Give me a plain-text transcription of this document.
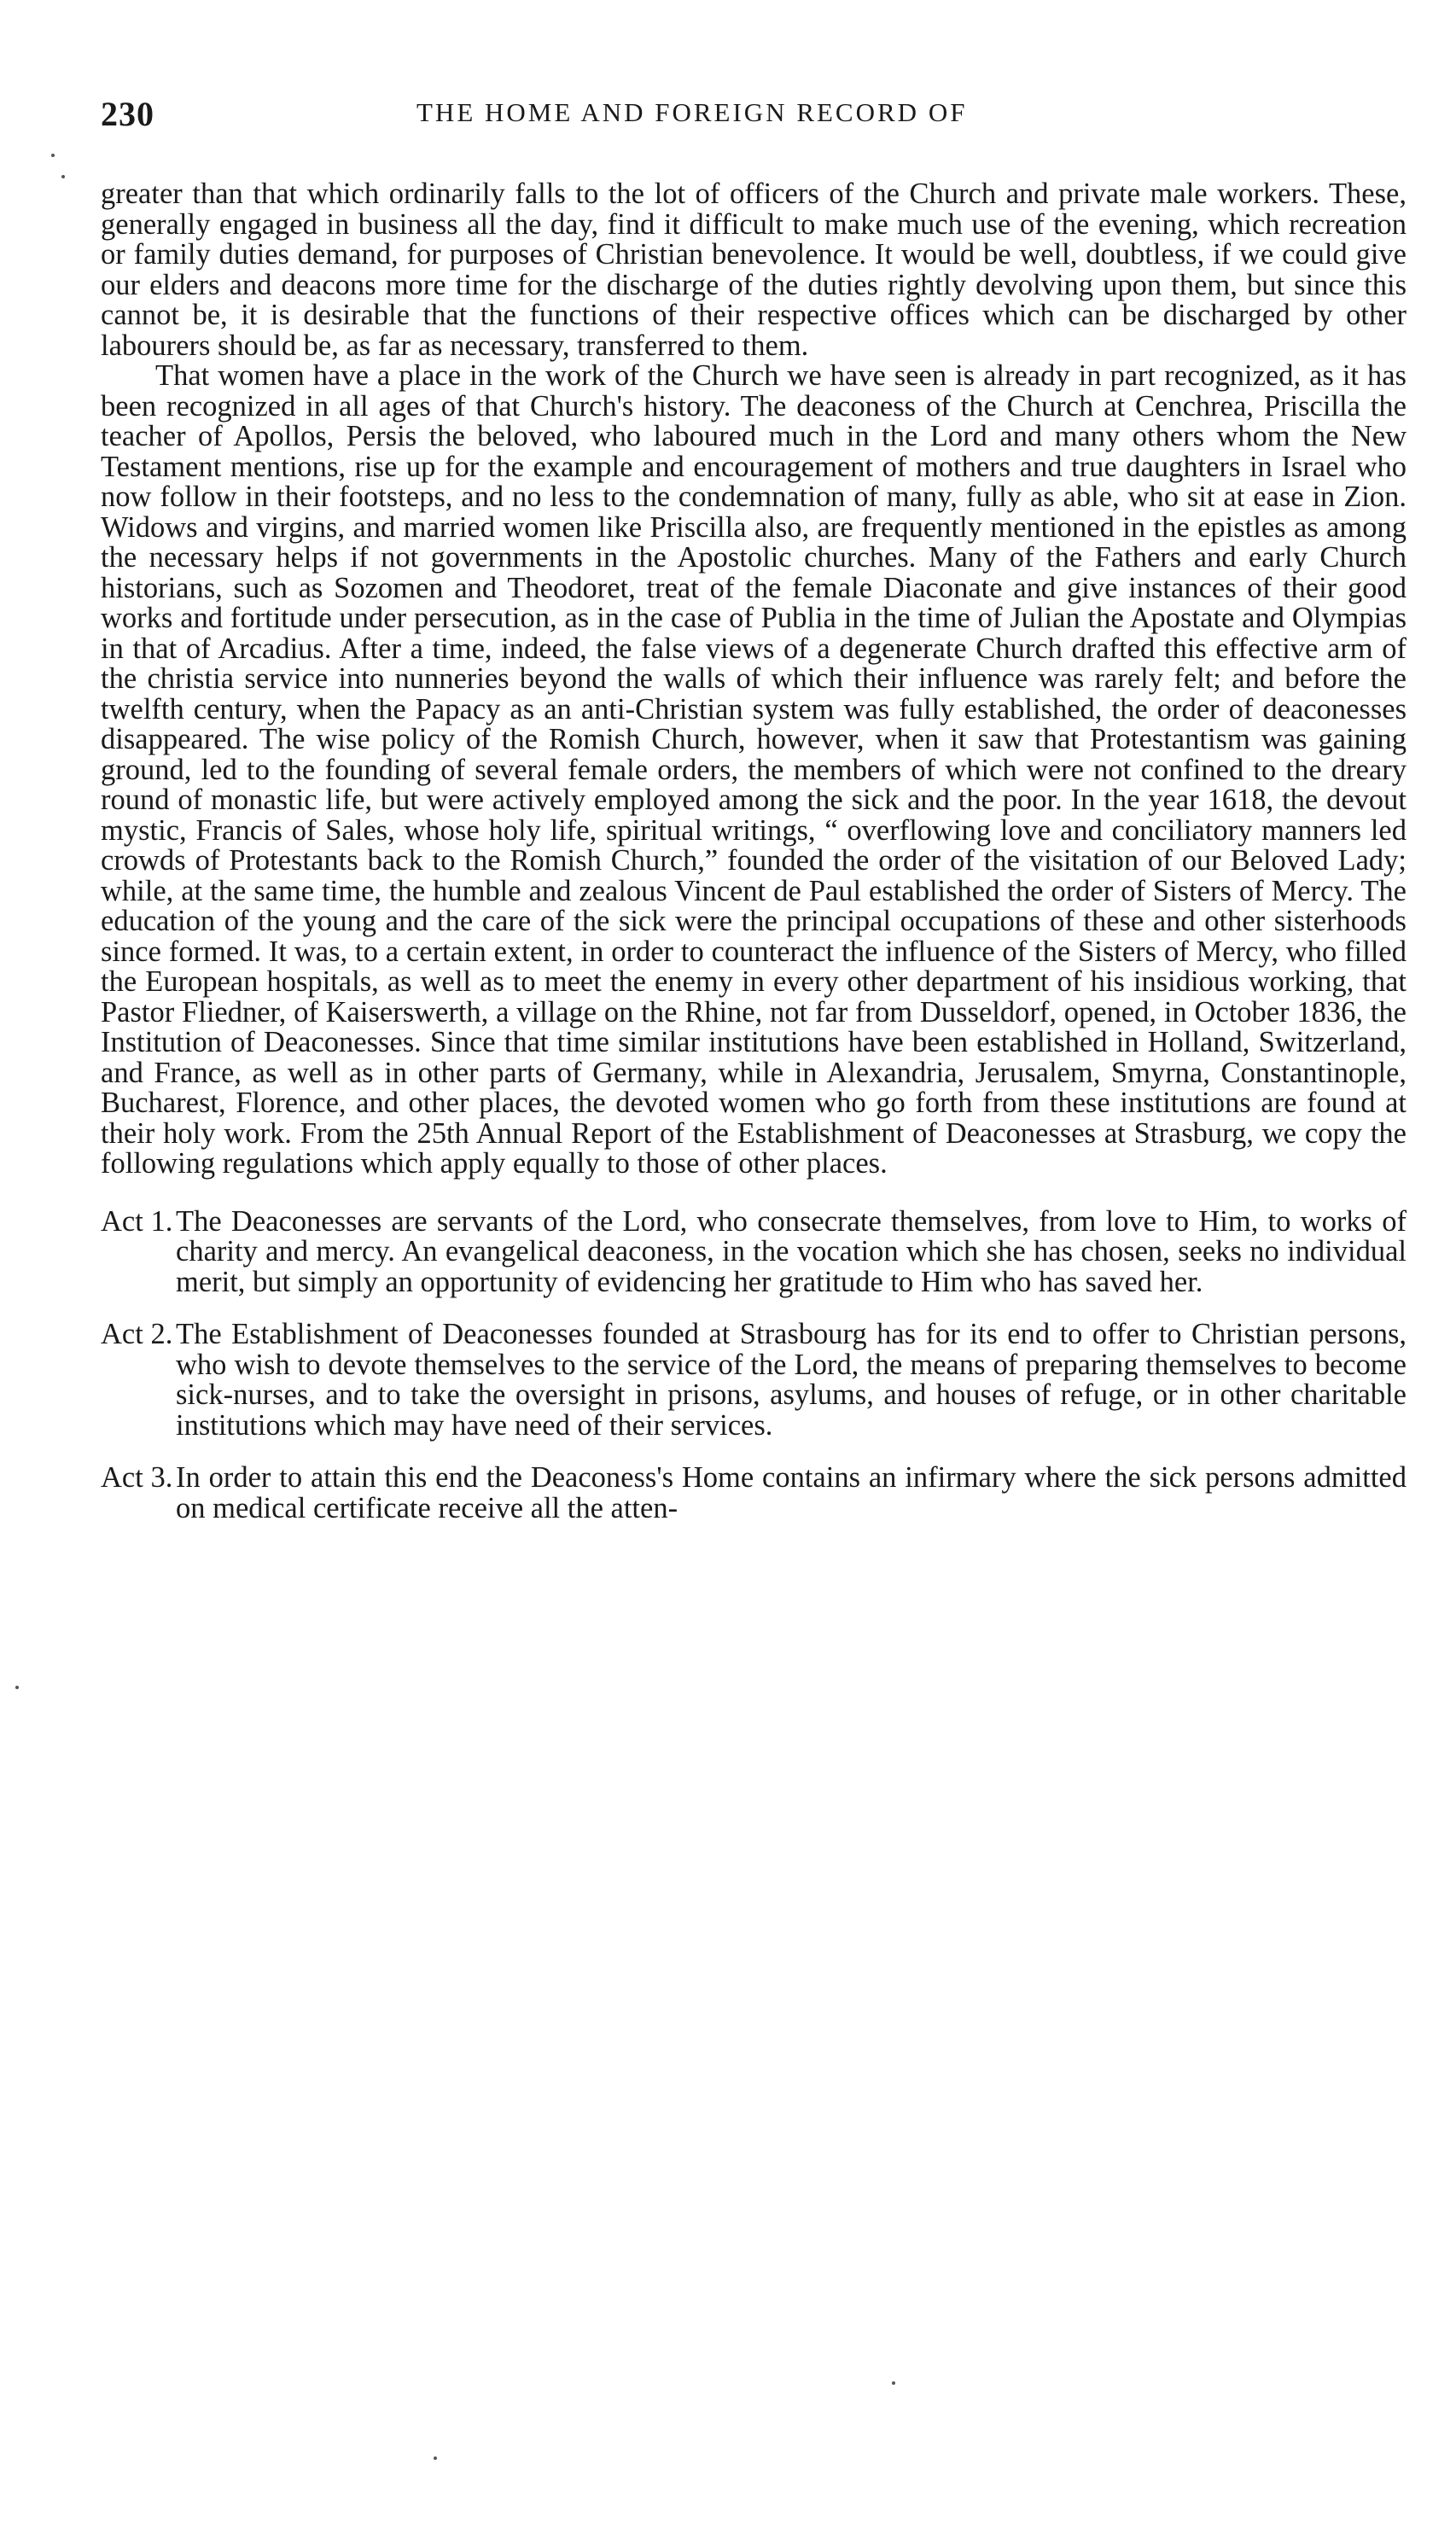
230	THE HOME AND FOREIGN RECORD OF

greater than that which ordinarily falls to the lot of officers of the Church and private male workers. These, generally engaged in business all the day, find it difficult to make much use of the evening, which recreation or family duties demand, for purposes of Christian benevolence. It would be well, doubtless, if we could give our elders and deacons more time for the discharge of the duties rightly devolving upon them, but since this cannot be, it is desirable that the functions of their respective offices which can be discharged by other labourers should be, as far as necessary, transferred to them.

That women have a place in the work of the Church we have seen is already in part recognized, as it has been recognized in all ages of that Church's history. The deaconess of the Church at Cenchrea, Priscilla the teacher of Apollos, Persis the beloved, who laboured much in the Lord and many others whom the New Testament mentions, rise up for the example and encouragement of mothers and true daughters in Israel who now follow in their footsteps, and no less to the condemnation of many, fully as able, who sit at ease in Zion. Widows and virgins, and married women like Priscilla also, are frequently mentioned in the epistles as among the necessary helps if not governments in the Apostolic churches. Many of the Fathers and early Church historians, such as Sozomen and Theodoret, treat of the female Diaconate and give instances of their good works and fortitude under persecution, as in the case of Publia in the time of Julian the Apostate and Olympias in that of Arcadius. After a time, indeed, the false views of a degenerate Church drafted this effective arm of the christia service into nunneries beyond the walls of which their influence was rarely felt; and before the twelfth century, when the Papacy as an anti-Christian system was fully established, the order of deaconesses disappeared. The wise policy of the Romish Church, however, when it saw that Protestantism was gaining ground, led to the founding of several female orders, the members of which were not confined to the dreary round of monastic life, but were actively employed among the sick and the poor. In the year 1618, the devout mystic, Francis of Sales, whose holy life, spiritual writings, “ overflowing love and conciliatory manners led crowds of Protestants back to the Romish Church,” founded the order of the visitation of our Beloved Lady; while, at the same time, the humble and zealous Vincent de Paul established the order of Sisters of Mercy. The education of the young and the care of the sick were the principal occupations of these and other sisterhoods since formed. It was, to a certain extent, in order to counteract the influence of the Sisters of Mercy, who filled the European hospitals, as well as to meet the enemy in every other department of his insidious working, that Pastor Fliedner, of Kaiserswerth, a village on the Rhine, not far from Dusseldorf, opened, in October 1836, the Institution of Deaconesses. Since that time similar institutions have been established in Holland, Switzerland, and France, as well as in other parts of Germany, while in Alexandria, Jerusalem, Smyrna, Constantinople, Bucharest, Florence, and other places, the devoted women who go forth from these institutions are found at their holy work. From the 25th Annual Report of the Establishment of Deaconesses at Strasburg, we copy the following regulations which apply equally to those of other places.

Act 1. The Deaconesses are servants of the Lord, who consecrate themselves, from love to Him, to works of charity and mercy. An evangelical deaconess, in the vocation which she has chosen, seeks no individual merit, but simply an opportunity of evidencing her gratitude to Him who has saved her.
Act 2. The Establishment of Deaconesses founded at Strasbourg has for its end to offer to Christian persons, who wish to devote themselves to the service of the Lord, the means of preparing themselves to become sick-nurses, and to take the oversight in prisons, asylums, and houses of refuge, or in other charitable institutions which may have need of their services.
Act 3. In order to attain this end the Deaconess's Home contains an infirmary where the sick persons admitted on medical certificate receive all the atten-
